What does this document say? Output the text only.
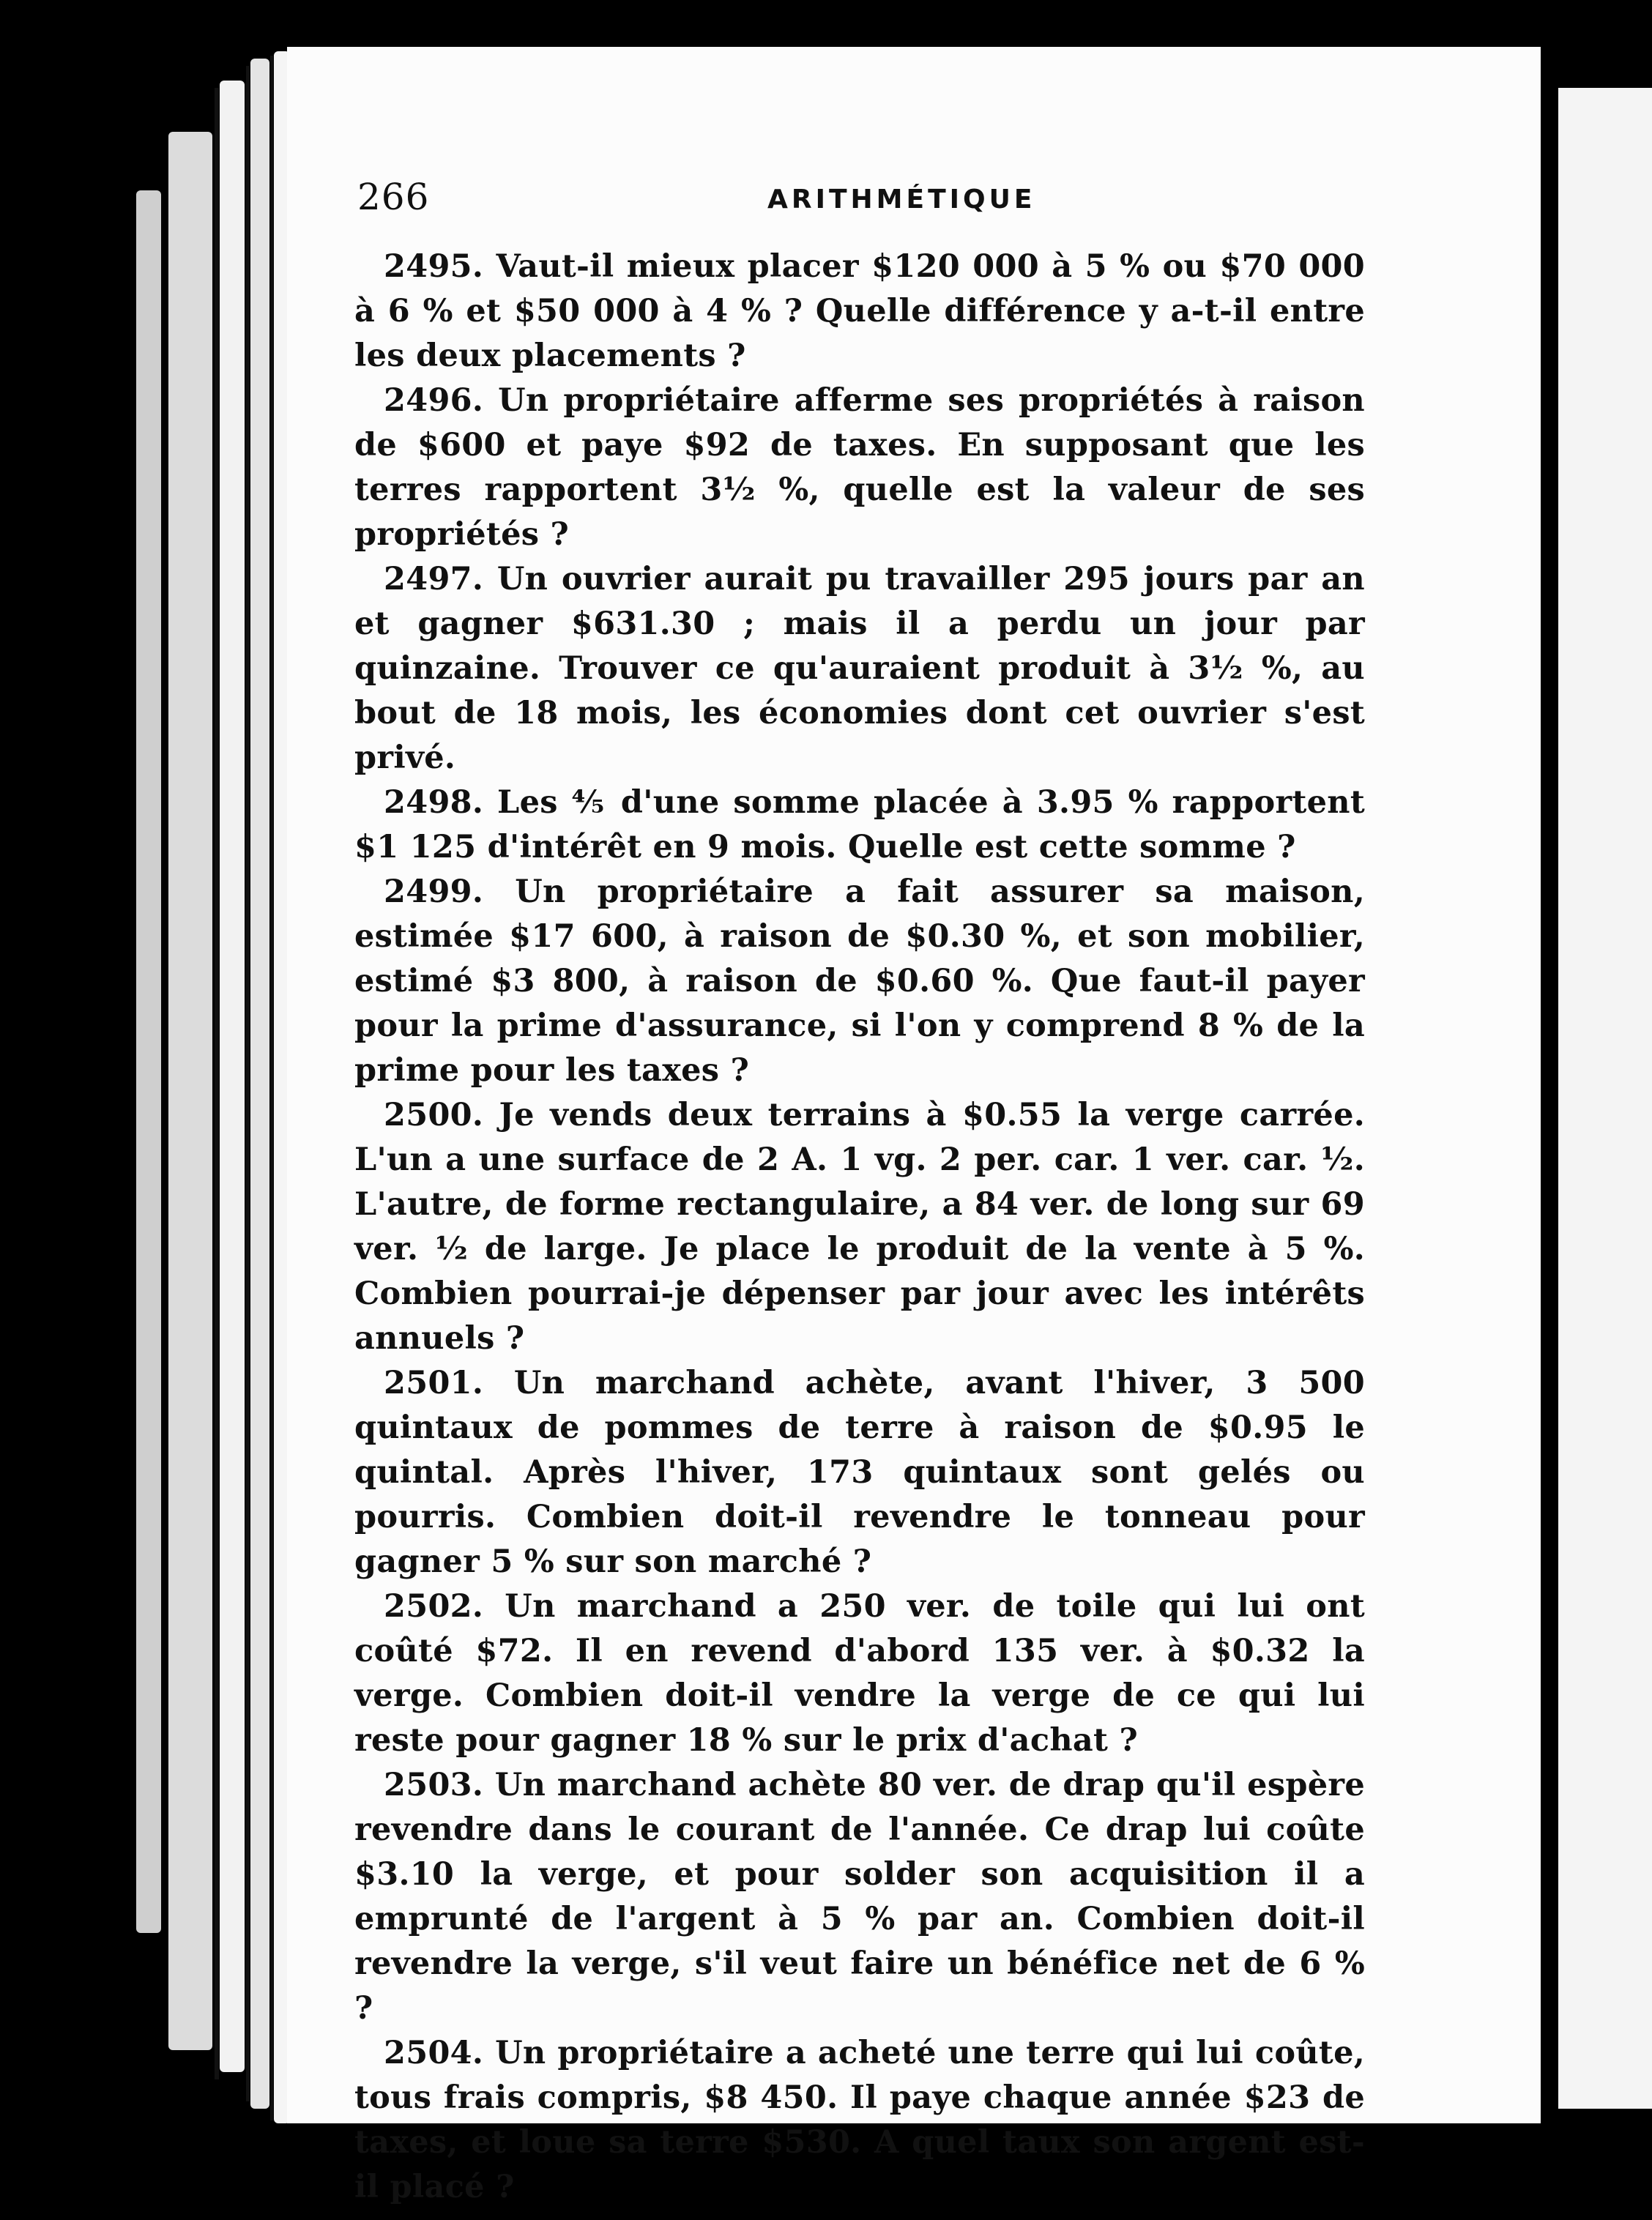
266	ARITHMÉTIQUE

2495. Vaut-il mieux placer $120 000 à 5 % ou $70 000 à 6 % et $50 000 à 4 % ? Quelle différence y a-t-il entre les deux placements ?

2496. Un propriétaire afferme ses propriétés à raison de $600 et paye $92 de taxes. En supposant que les terres rapportent 3½ %, quelle est la valeur de ses propriétés ?

2497. Un ouvrier aurait pu travailler 295 jours par an et gagner $631.30 ; mais il a perdu un jour par quinzaine. Trouver ce qu'auraient produit à 3½ %, au bout de 18 mois, les économies dont cet ouvrier s'est privé.

2498. Les ⅘ d'une somme placée à 3.95 % rapportent $1 125 d'intérêt en 9 mois. Quelle est cette somme ?

2499. Un propriétaire a fait assurer sa maison, estimée $17 600, à raison de $0.30 %, et son mobilier, estimé $3 800, à raison de $0.60 %. Que faut-il payer pour la prime d'assurance, si l'on y comprend 8 % de la prime pour les taxes ?

2500. Je vends deux terrains à $0.55 la verge carrée. L'un a une surface de 2 A. 1 vg. 2 per. car. 1 ver. car. ½. L'autre, de forme rectangulaire, a 84 ver. de long sur 69 ver. ½ de large. Je place le produit de la vente à 5 %. Combien pourrai-je dépenser par jour avec les intérêts annuels ?

2501. Un marchand achète, avant l'hiver, 3 500 quintaux de pommes de terre à raison de $0.95 le quintal. Après l'hiver, 173 quintaux sont gelés ou pourris. Combien doit-il revendre le tonneau pour gagner 5 % sur son marché ?

2502. Un marchand a 250 ver. de toile qui lui ont coûté $72. Il en revend d'abord 135 ver. à $0.32 la verge. Combien doit-il vendre la verge de ce qui lui reste pour gagner 18 % sur le prix d'achat ?

2503. Un marchand achète 80 ver. de drap qu'il espère revendre dans le courant de l'année. Ce drap lui coûte $3.10 la verge, et pour solder son acquisition il a emprunté de l'argent à 5 % par an. Combien doit-il revendre la verge, s'il veut faire un bénéfice net de 6 % ?

2504. Un propriétaire a acheté une terre qui lui coûte, tous frais compris, $8 450. Il paye chaque année $23 de taxes, et loue sa terre $530. A quel taux son argent est-il placé ?
